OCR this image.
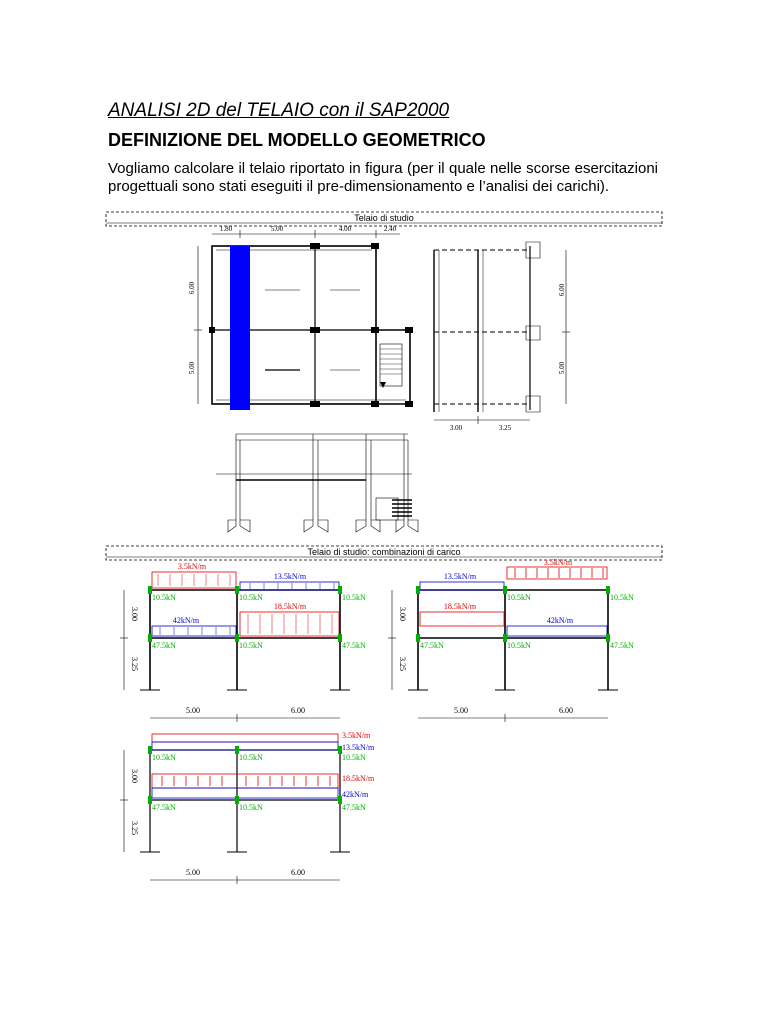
ANALISI 2D del TELAIO con il SAP2000
DEFINIZIONE DEL MODELLO GEOMETRICO
Vogliamo calcolare il telaio riportato in figura (per il quale nelle scorse esercitazioni progettuali sono stati eseguiti il pre-dimensionamento e l’analisi dei carichi).
Telaio di studio
1.80	5.00	4.00	2.40
6.00
5.00
6.00
5.00
3.00	3.25
Telaio di studio: combinazioni di carico
3.5kN/m
13.5kN/m
18.5kN/m
42kN/m
10.5kN	10.5kN	10.5kN
47.5kN	10.5kN	47.5kN
3.00
3.25
5.00	6.00
3.5kN/m
13.5kN/m
18.5kN/m
42kN/m
10.5kN	10.5kN
47.5kN	10.5kN	47.5kN
3.00
3.25
5.00	6.00
3.5kN/m
13.5kN/m
18.5kN/m
42kN/m
10.5kN	10.5kN	10.5kN
47.5kN	10.5kN	47.5kN
3.00
3.25
5.00	6.00
